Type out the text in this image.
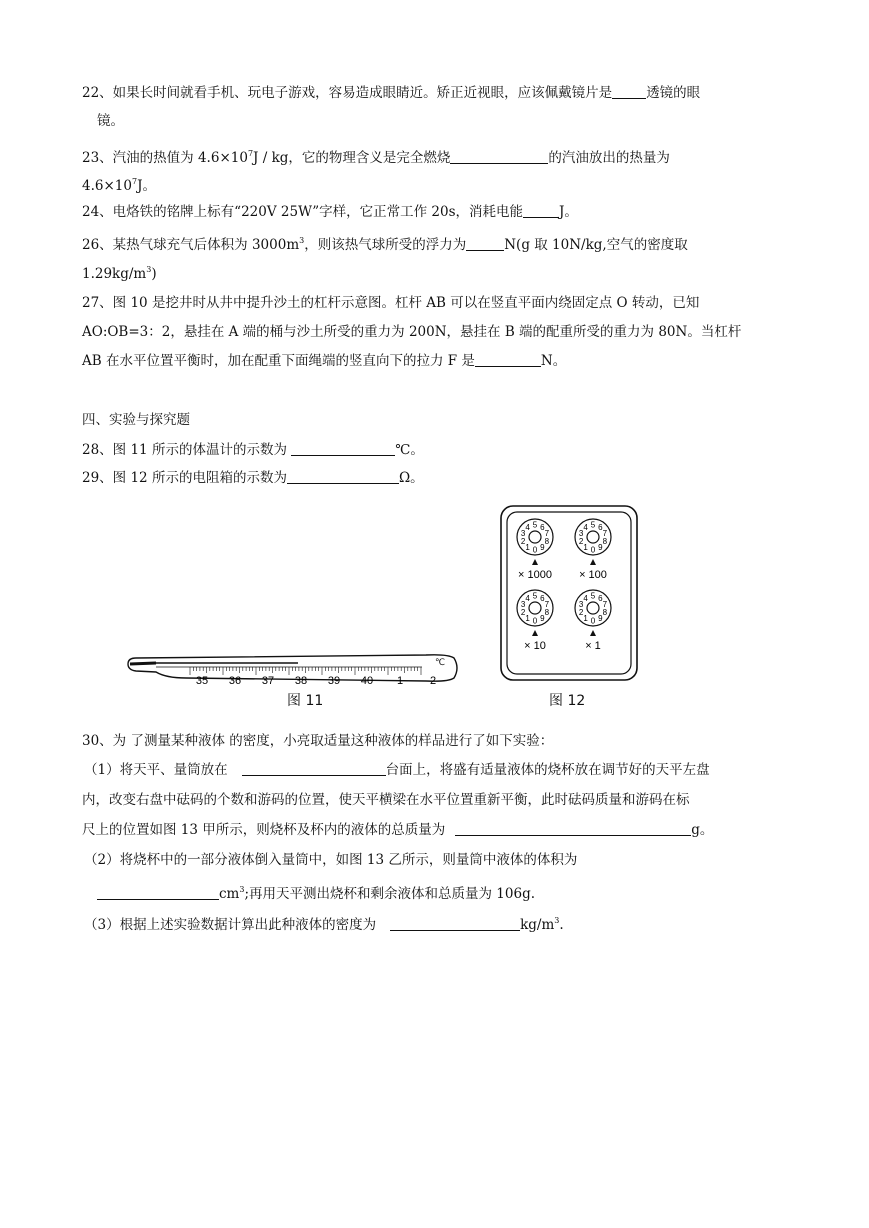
22、如果长时间就看手机、玩电子游戏，容易造成眼睛近。矫正近视眼，应该佩戴镜片是	透镜的眼
镜。
23、汽油的热值为 $4.6\times 10^7J$ / kg，它的物理含义是完全燃烧	的汽油放出的热量为
$4.6\times 10^7J$。
24、电烙铁的铭牌上标有“220V 25W”字样，它正常工作 20s，消耗电能	J。
26、某热气球充气后体积为 $3000m^3$，则该热气球所受的浮力为	N(g 取 10N/kg,空气的密度取
$1.29kg/m^3$)
27、图 10 是挖井时从井中提升沙土的杠杆示意图。杠杆 AB 可以在竖直平面内绕固定点 O 转动，已知
AO:OB=3：2，悬挂在 A 端的桶与沙土所受的重力为 200N，悬挂在 B 端的配重所受的重力为 80N。当杠杆
AB 在水平位置平衡时，加在配重下面绳端的竖直向下的拉力 F 是	N。
四、实验与探究题
28、图 11 所示的体温计的示数为	℃。
29、图 12 所示的电阻箱的示数为	Ω。
35 36 37 38 39 40 1 2
℃
图 11
0
1
2
3
4 5 6
7
8
9
× 1000
0
1
2
3
4 5 6
7
8
9
× 100
0
1
2
3
4 5 6
7
8
9
× 10
0
1
2
3
4 5 6
7
8
9
× 1
图 12
30、为 了测量某种液体 的密度，小亮取适量这种液体的样品进行了如下实验：
（1）将天平、量筒放在	台面上，将盛有适量液体的烧杯放在调节好的天平左盘
内，改变右盘中砝码的个数和游码的位置，使天平横梁在水平位置重新平衡，此时砝码质量和游码在标
尺上的位置如图 13 甲所示，则烧杯及杯内的液体的总质量为	g。
（2）将烧杯中的一部分液体倒入量筒中，如图 13 乙所示，则量筒中液体的体积为
$cm^3$;再用天平测出烧杯和剩余液体和总质量为 106g.
（3）根据上述实验数据计算出此种液体的密度为	$kg/m^3$.
